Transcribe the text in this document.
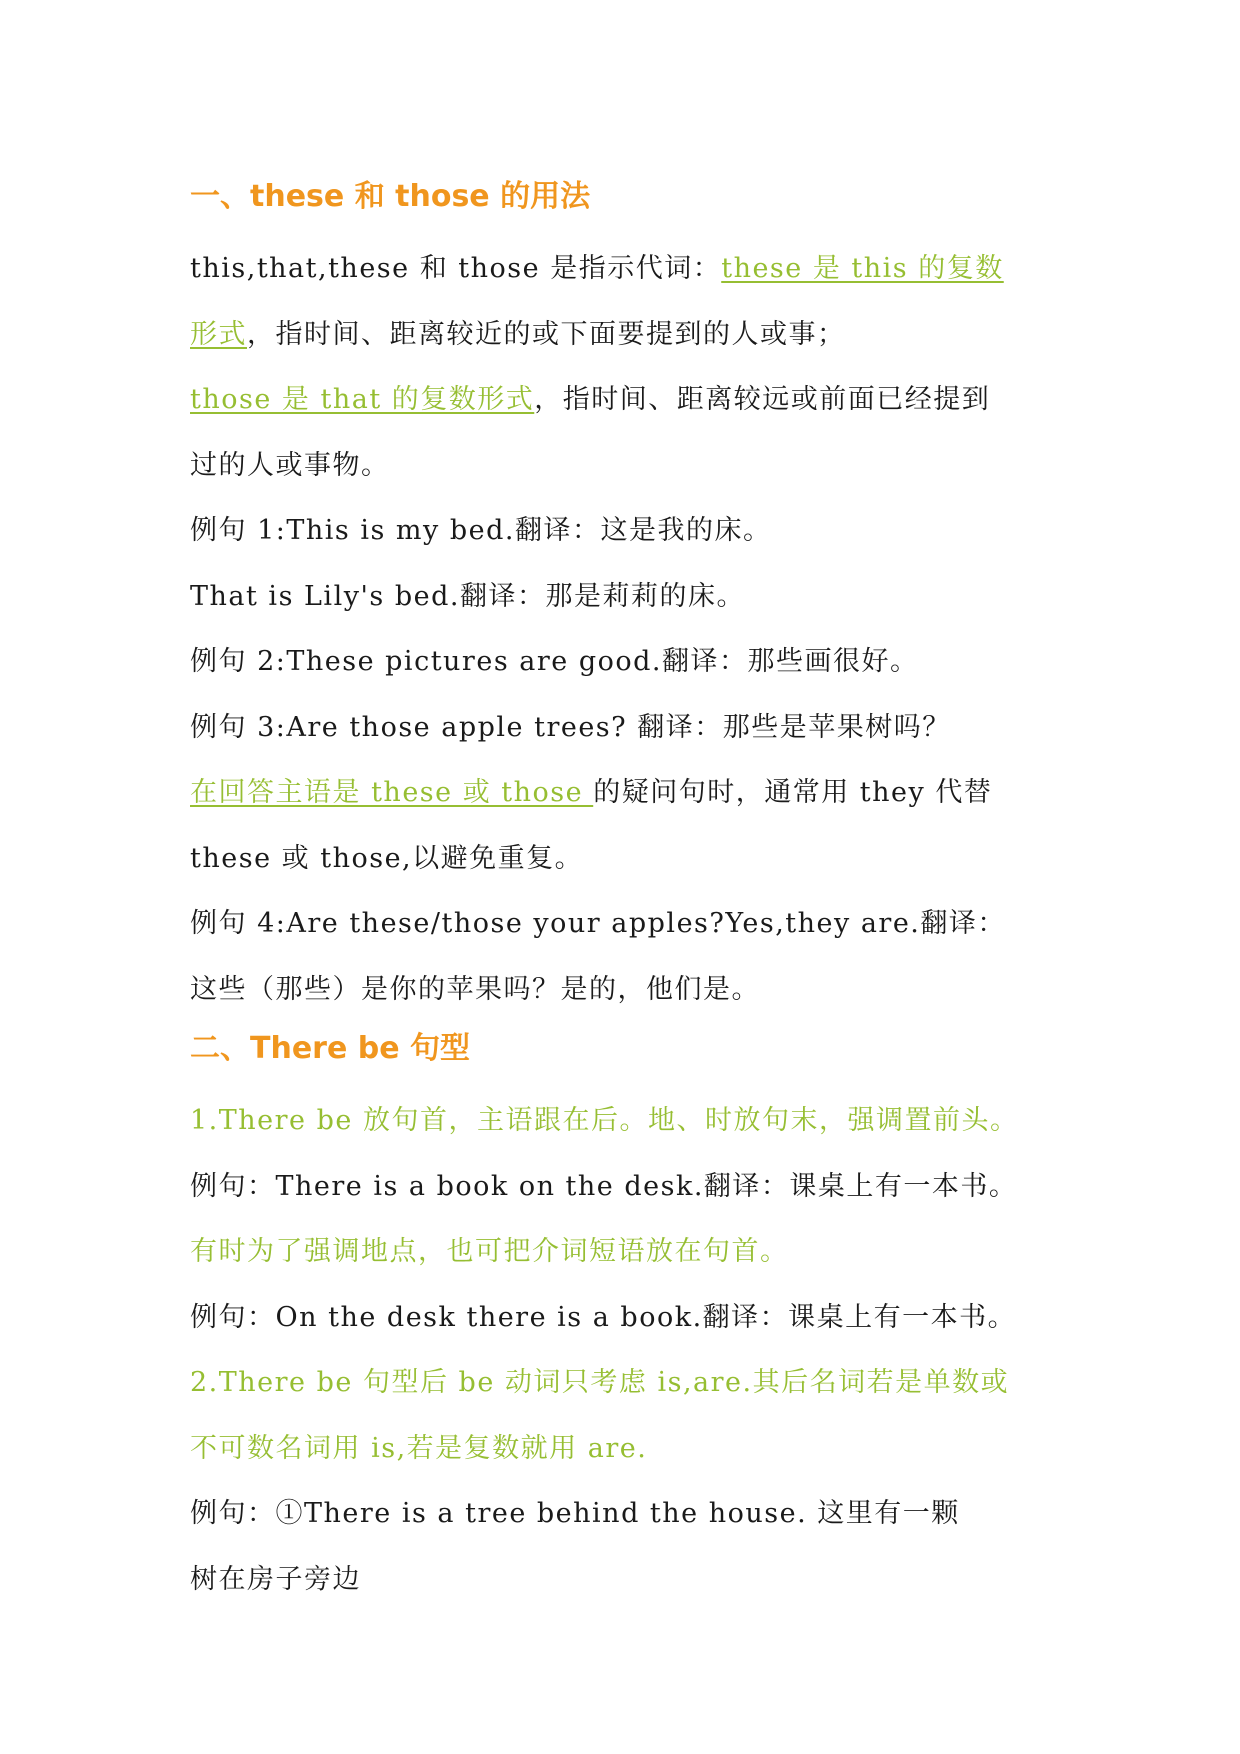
一、these 和 those 的用法

this,that,these 和 those 是指示代词：these 是 this 的复数

形式，指时间、距离较近的或下面要提到的人或事；

those 是 that 的复数形式，指时间、距离较远或前面已经提到

过的人或事物。

例句 1:This is my bed.翻译：这是我的床。

That is Lily's bed.翻译：那是莉莉的床。

例句 2:These pictures are good.翻译：那些画很好。

例句 3:Are those apple trees? 翻译：那些是苹果树吗？

在回答主语是 these 或 those 的疑问句时，通常用 they 代替

these 或 those,以避免重复。

例句 4:Are these/those your apples?Yes,they are.翻译：

这些（那些）是你的苹果吗？是的，他们是。

二、There be 句型

1.There be 放句首，主语跟在后。地、时放句末，强调置前头。

例句：There is a book on the desk.翻译：课桌上有一本书。

有时为了强调地点，也可把介词短语放在句首。

例句：On the desk there is a book.翻译：课桌上有一本书。

2.There be 句型后 be 动词只考虑 is,are.其后名词若是单数或

不可数名词用 is,若是复数就用 are.

例句：①There is a tree behind the house. 这里有一颗

树在房子旁边
